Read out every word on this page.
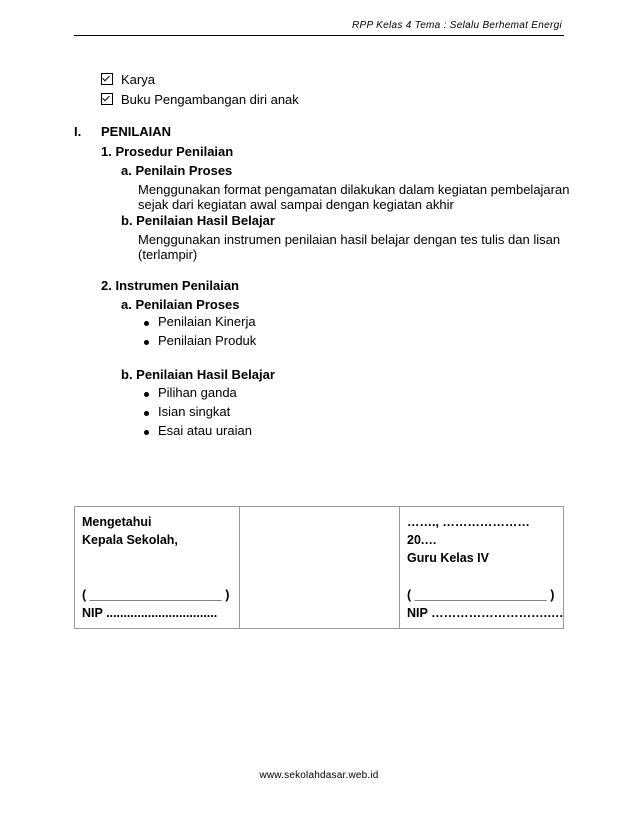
RPP Kelas 4 Tema : Selalu Berhemat Energi
Karya
Buku Pengambangan diri anak
I. PENILAIAN
1. Prosedur Penilaian
a. Penilain Proses
Menggunakan format pengamatan dilakukan dalam kegiatan pembelajaran
sejak dari kegiatan awal sampai dengan kegiatan akhir
b. Penilaian Hasil Belajar
Menggunakan instrumen penilaian hasil belajar dengan tes tulis dan lisan
(terlampir)
2. Instrumen Penilaian
a. Penilaian Proses
Penilaian Kinerja
Penilaian Produk
b. Penilaian Hasil Belajar
Pilihan ganda
Isian singkat
Esai atau uraian
Mengetahui
Kepala Sekolah,
( ___________________ )
NIP ................................

……., ………………… 20.…
Guru Kelas IV
( ___________________ )
NIP ……………………….….
www.sekolahdasar.web.id
